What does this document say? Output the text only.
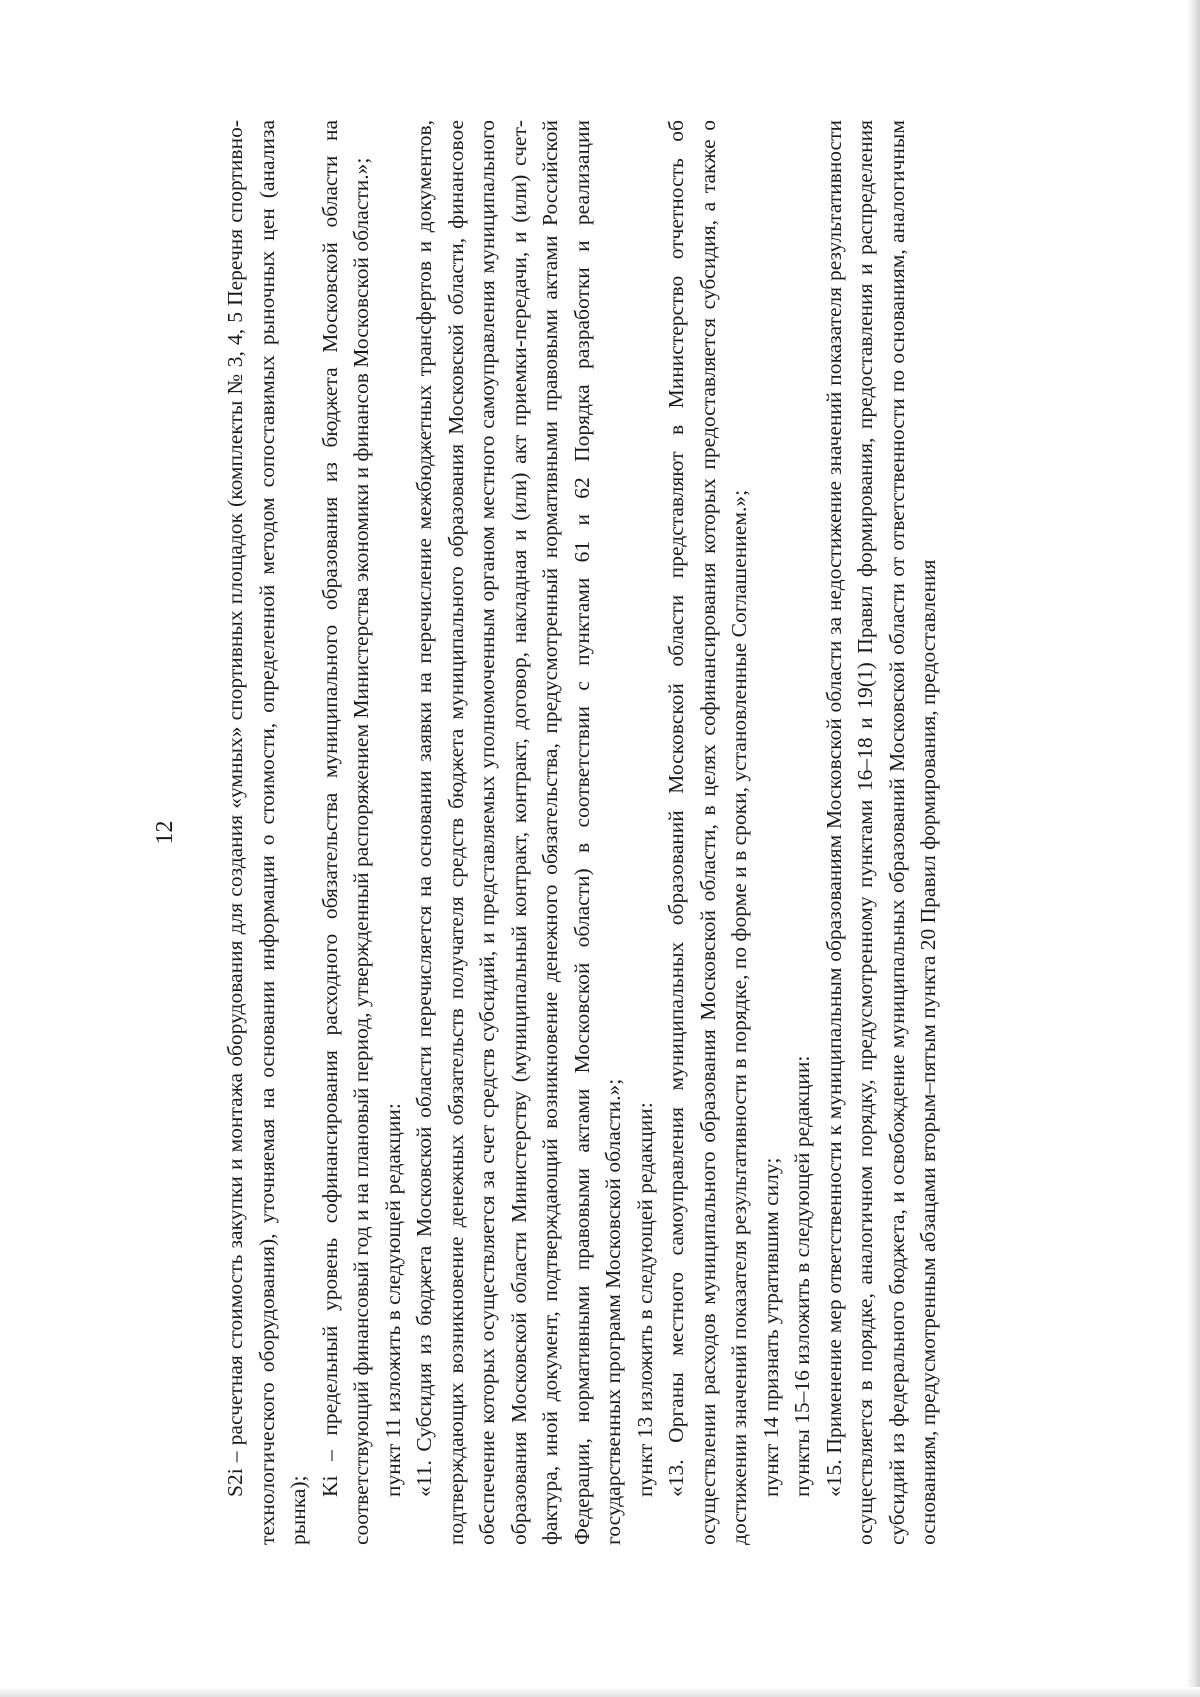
12 S2i – расчетная стоимость закупки и монтажа оборудования для создания «умных» спортивных площадок (комплекты № 3, 4, 5 Перечня спортивно-технологического оборудования), уточняемая на основании информации о стоимости, определенной методом сопоставимых рыночных цен (анализа рынка);

Ki – предельный уровень софинансирования расходного обязательства муниципального образования из бюджета Московской области на соответствующий финансовый год и на плановый период, утвержденный распоряжением Министерства экономики и финансов Московской области.»; пункт 11 изложить в следующей редакции: «11. Субсидия из бюджета Московской области перечисляется на основании заявки на перечисление межбюджетных трансфертов и документов, подтверждающих возникновение денежных обязательств получателя средств бюджета муниципального образования Московской области, финансовое обеспечение которых осуществляется за счет средств субсидий, и представляемых уполномоченным органом местного самоуправления муниципального образования Московской области Министерству (муниципальный контракт, контракт, договор, накладная и (или) акт приемки-передачи, и (или) счет-фактура, иной документ, подтверждающий возникновение денежного обязательства, предусмотренный нормативными правовыми актами Российской Федерации, нормативными правовыми актами Московской области) в соответствии с пунктами 61 и 62 Порядка разработки и реализации государственных программ Московской области.»; пункт 13 изложить в следующей редакции: «13. Органы местного самоуправления муниципальных образований Московской области представляют в Министерство отчетность об осуществлении расходов муниципального образования Московской области, в целях софинансирования которых предоставляется субсидия, а также о достижении значений показателя результативности в порядке, по форме и в сроки, установленные Соглашением.»; пункт 14 признать утратившим силу; пункты 15–16 изложить в следующей редакции: «15. Применение мер ответственности к муниципальным образованиям Московской области за недостижение значений показателя результативности осуществляется в порядке, аналогичном порядку, предусмотренному пунктами 16–18 и 19(1) Правил формирования, предоставления и распределения субсидий из федерального бюджета, и освобождение муниципальных образований Московской области от ответственности по основаниям, аналогичным основаниям, предусмотренным абзацами вторым–пятым пункта 20 Правил формирования, предоставления
